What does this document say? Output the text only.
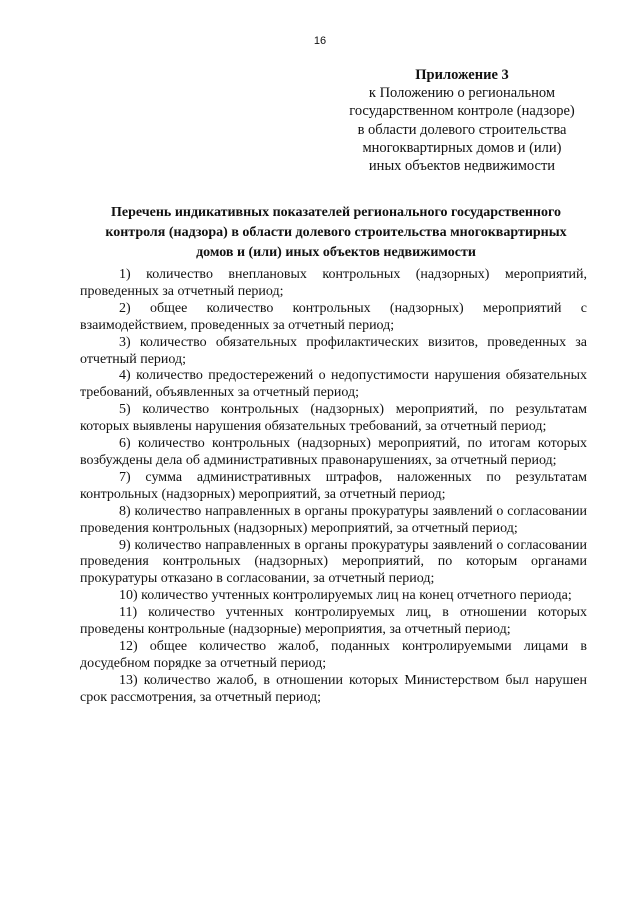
16
Приложение 3
к Положению о региональном
государственном контроле (надзоре)
в области долевого строительства
многоквартирных домов и (или)
иных объектов недвижимости
Перечень индикативных показателей регионального государственного
контроля (надзора) в области долевого строительства многоквартирных
домов и (или) иных объектов недвижимости

1) количество внеплановых контрольных (надзорных) мероприятий, проведенных за отчетный период;

2) общее количество контрольных (надзорных) мероприятий с взаимодействием, проведенных за отчетный период;

3) количество обязательных профилактических визитов, проведенных за отчетный период;

4) количество предостережений о недопустимости нарушения обязательных требований, объявленных за отчетный период;

5) количество контрольных (надзорных) мероприятий, по результатам которых выявлены нарушения обязательных требований, за отчетный период;

6) количество контрольных (надзорных) мероприятий, по итогам которых возбуждены дела об административных правонарушениях, за отчетный период;

7) сумма административных штрафов, наложенных по результатам контрольных (надзорных) мероприятий, за отчетный период;

8) количество направленных в органы прокуратуры заявлений о согласовании проведения контрольных (надзорных) мероприятий, за отчетный период;

9) количество направленных в органы прокуратуры заявлений о согласовании проведения контрольных (надзорных) мероприятий, по которым органами прокуратуры отказано в согласовании, за отчетный период;

10) количество учтенных контролируемых лиц на конец отчетного периода;

11) количество учтенных контролируемых лиц, в отношении которых проведены контрольные (надзорные) мероприятия, за отчетный период;

12) общее количество жалоб, поданных контролируемыми лицами в досудебном порядке за отчетный период;

13) количество жалоб, в отношении которых Министерством был нарушен срок рассмотрения, за отчетный период;
